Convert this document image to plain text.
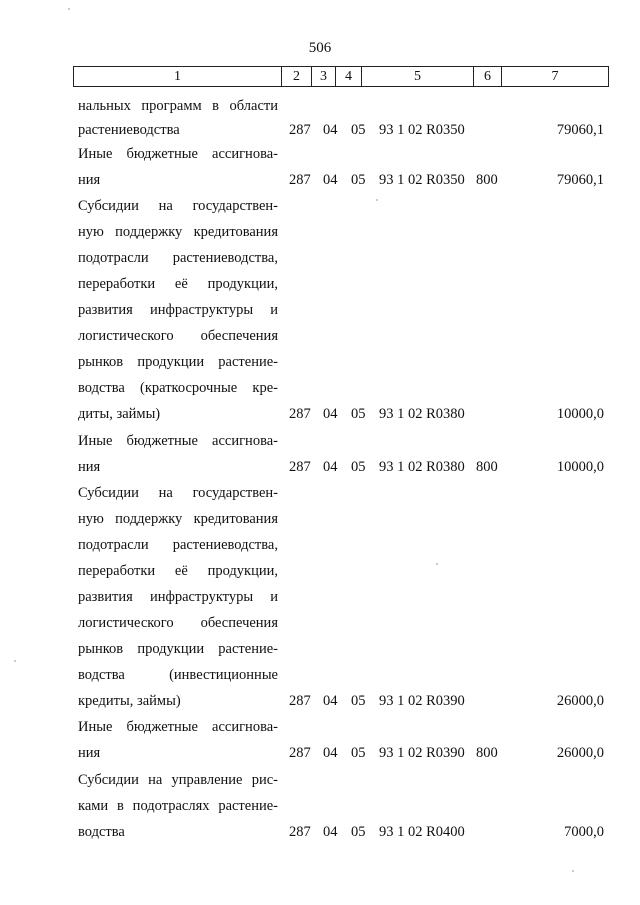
506
1	2	3	4	5	6	7
нальных программ в области
растениеводства	287 04 05 93 1 02 R0350	79060,1
Иные бюджетные ассигнова-
ния	287 04 05 93 1 02 R0350 800	79060,1
Субсидии на государствен-
ную поддержку кредитования
подотрасли растениеводства,
переработки её продукции,
развития инфраструктуры и
логистического обеспечения
рынков продукции растение-
водства (краткосрочные кре-
диты, займы)	287 04 05 93 1 02 R0380	10000,0
Иные бюджетные ассигнова-
ния	287 04 05 93 1 02 R0380 800	10000,0
Субсидии на государствен-
ную поддержку кредитования
подотрасли растениеводства,
переработки её продукции,
развития инфраструктуры и
логистического обеспечения
рынков продукции растение-
водства (инвестиционные
кредиты, займы)	287 04 05 93 1 02 R0390	26000,0
Иные бюджетные ассигнова-
ния	287 04 05 93 1 02 R0390 800	26000,0
Субсидии на управление рис-
ками в подотраслях растение-
водства	287 04 05 93 1 02 R0400	7000,0
